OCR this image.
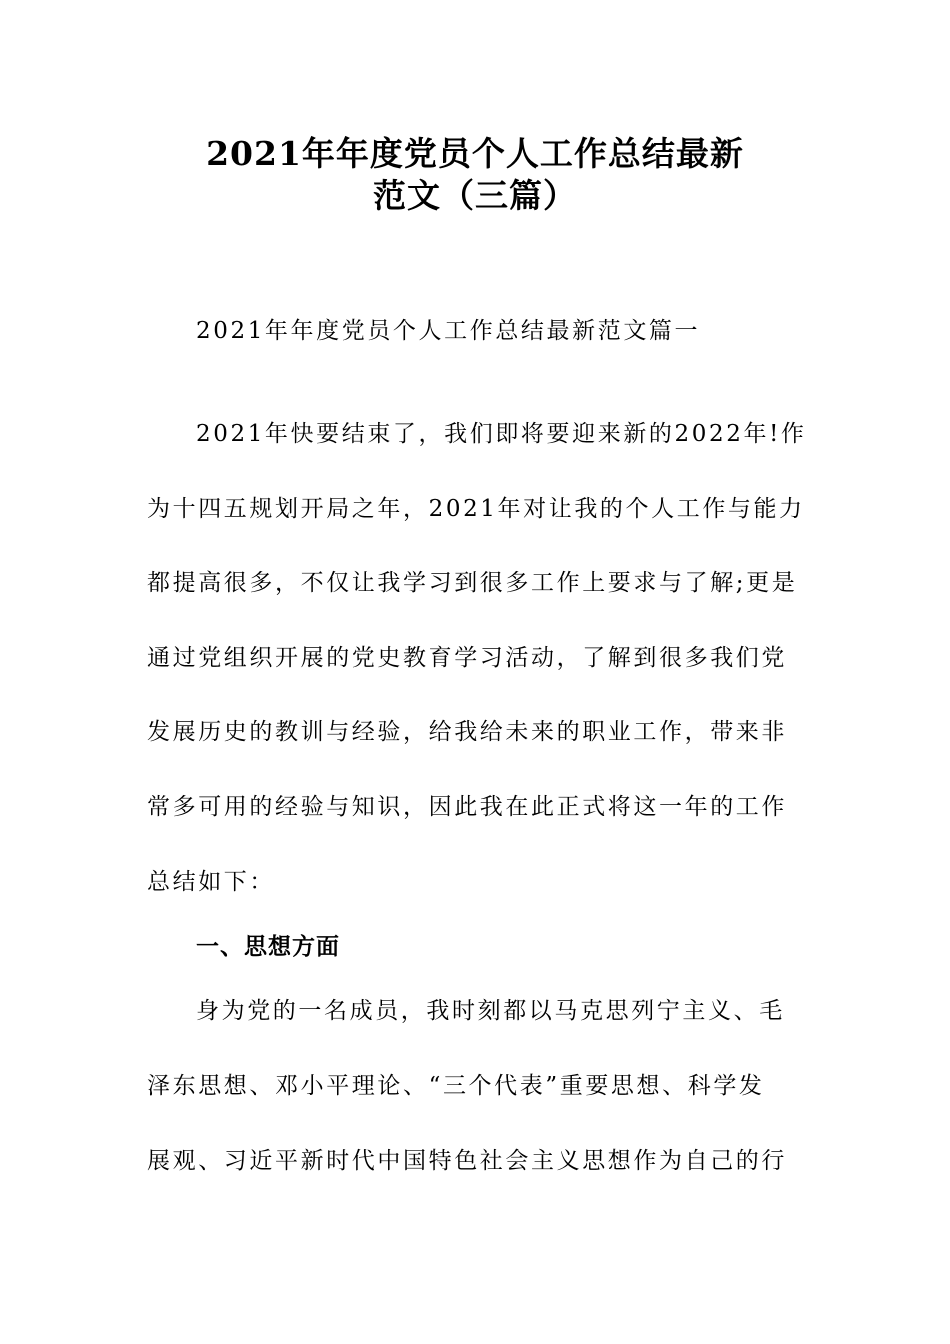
2021年年度党员个人工作总结最新
范文（三篇）
2021年年度党员个人工作总结最新范文篇一
2021年快要结束了，我们即将要迎来新的2022年!作
为十四五规划开局之年，2021年对让我的个人工作与能力
都提高很多，不仅让我学习到很多工作上要求与了解;更是
通过党组织开展的党史教育学习活动，了解到很多我们党
发展历史的教训与经验，给我给未来的职业工作，带来非
常多可用的经验与知识，因此我在此正式将这一年的工作
总结如下：
一、思想方面
身为党的一名成员，我时刻都以马克思列宁主义、毛
泽东思想、邓小平理论、“三个代表”重要思想、科学发
展观、习近平新时代中国特色社会主义思想作为自己的行
